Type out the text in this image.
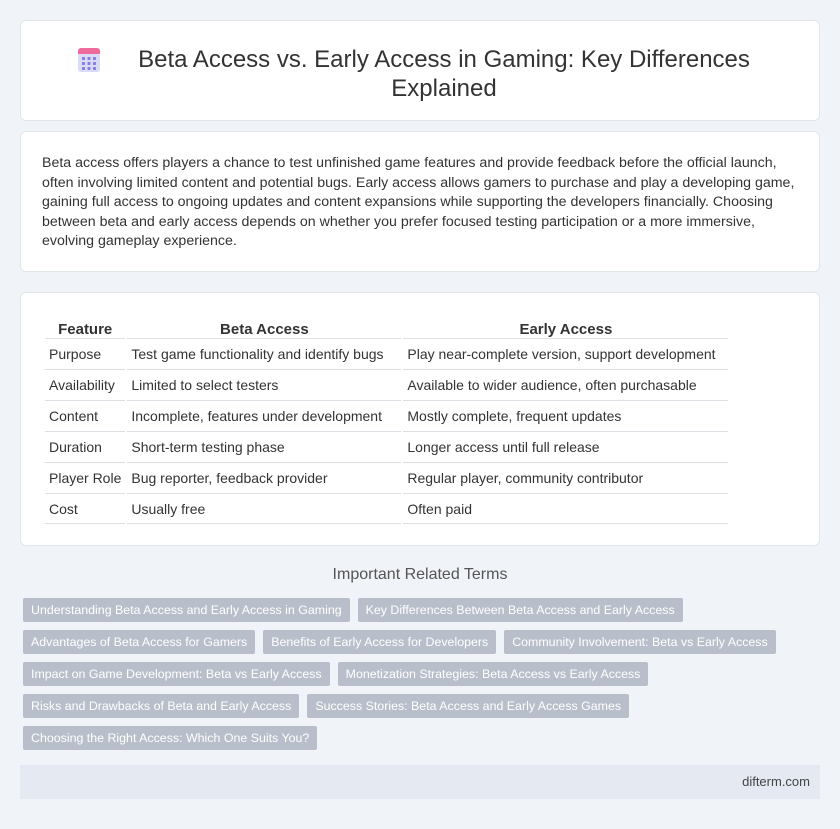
Beta Access vs. Early Access in Gaming: Key Differences Explained

Beta access offers players a chance to test unfinished game features and provide feedback before the official launch, often involving limited content and potential bugs. Early access allows gamers to purchase and play a developing game, gaining full access to ongoing updates and content expansions while supporting the developers financially. Choosing between beta and early access depends on whether you prefer focused testing participation or a more immersive, evolving gameplay experience.

Feature	Beta Access	Early Access
Purpose	Test game functionality and identify bugs	Play near-complete version, support development
Availability	Limited to select testers	Available to wider audience, often purchasable
Content	Incomplete, features under development	Mostly complete, frequent updates
Duration	Short-term testing phase	Longer access until full release
Player Role	Bug reporter, feedback provider	Regular player, community contributor
Cost	Usually free	Often paid
Important Related Terms
Understanding Beta Access and Early Access in Gaming	Key Differences Between Beta Access and Early Access
Advantages of Beta Access for Gamers	Benefits of Early Access for Developers	Community Involvement: Beta vs Early Access
Impact on Game Development: Beta vs Early Access	Monetization Strategies: Beta Access vs Early Access
Risks and Drawbacks of Beta and Early Access	Success Stories: Beta Access and Early Access Games
Choosing the Right Access: Which One Suits You?
difterm.com
